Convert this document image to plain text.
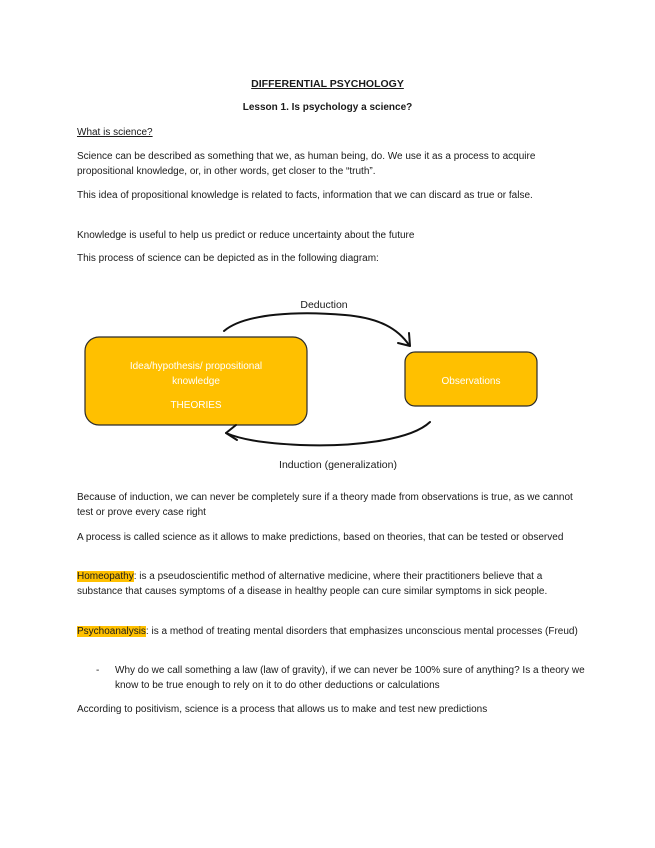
DIFFERENTIAL PSYCHOLOGY
Lesson 1. Is psychology a science?
What is science?
Science can be described as something that we, as human being, do. We use it as a process to acquire propositional knowledge, or, in other words, get closer to the “truth”.
This idea of propositional knowledge is related to facts, information that we can discard as true or false.
Knowledge is useful to help us predict or reduce uncertainty about the future
This process of science can be depicted as in the following diagram:
Deduction
Induction (generalization)
Idea/hypothesis/ propositional knowledge
THEORIES
Observations
Because of induction, we can never be completely sure if a theory made from observations is true, as we cannot test or prove every case right
A process is called science as it allows to make predictions, based on theories, that can be tested or observed
Homeopathy: is a pseudoscientific method of alternative medicine, where their practitioners believe that a substance that causes symptoms of a disease in healthy people can cure similar symptoms in sick people.
Psychoanalysis: is a method of treating mental disorders that emphasizes unconscious mental processes (Freud)
- Why do we call something a law (law of gravity), if we can never be 100% sure of anything? Is a theory we know to be true enough to rely on it to do other deductions or calculations
According to positivism, science is a process that allows us to make and test new predictions
